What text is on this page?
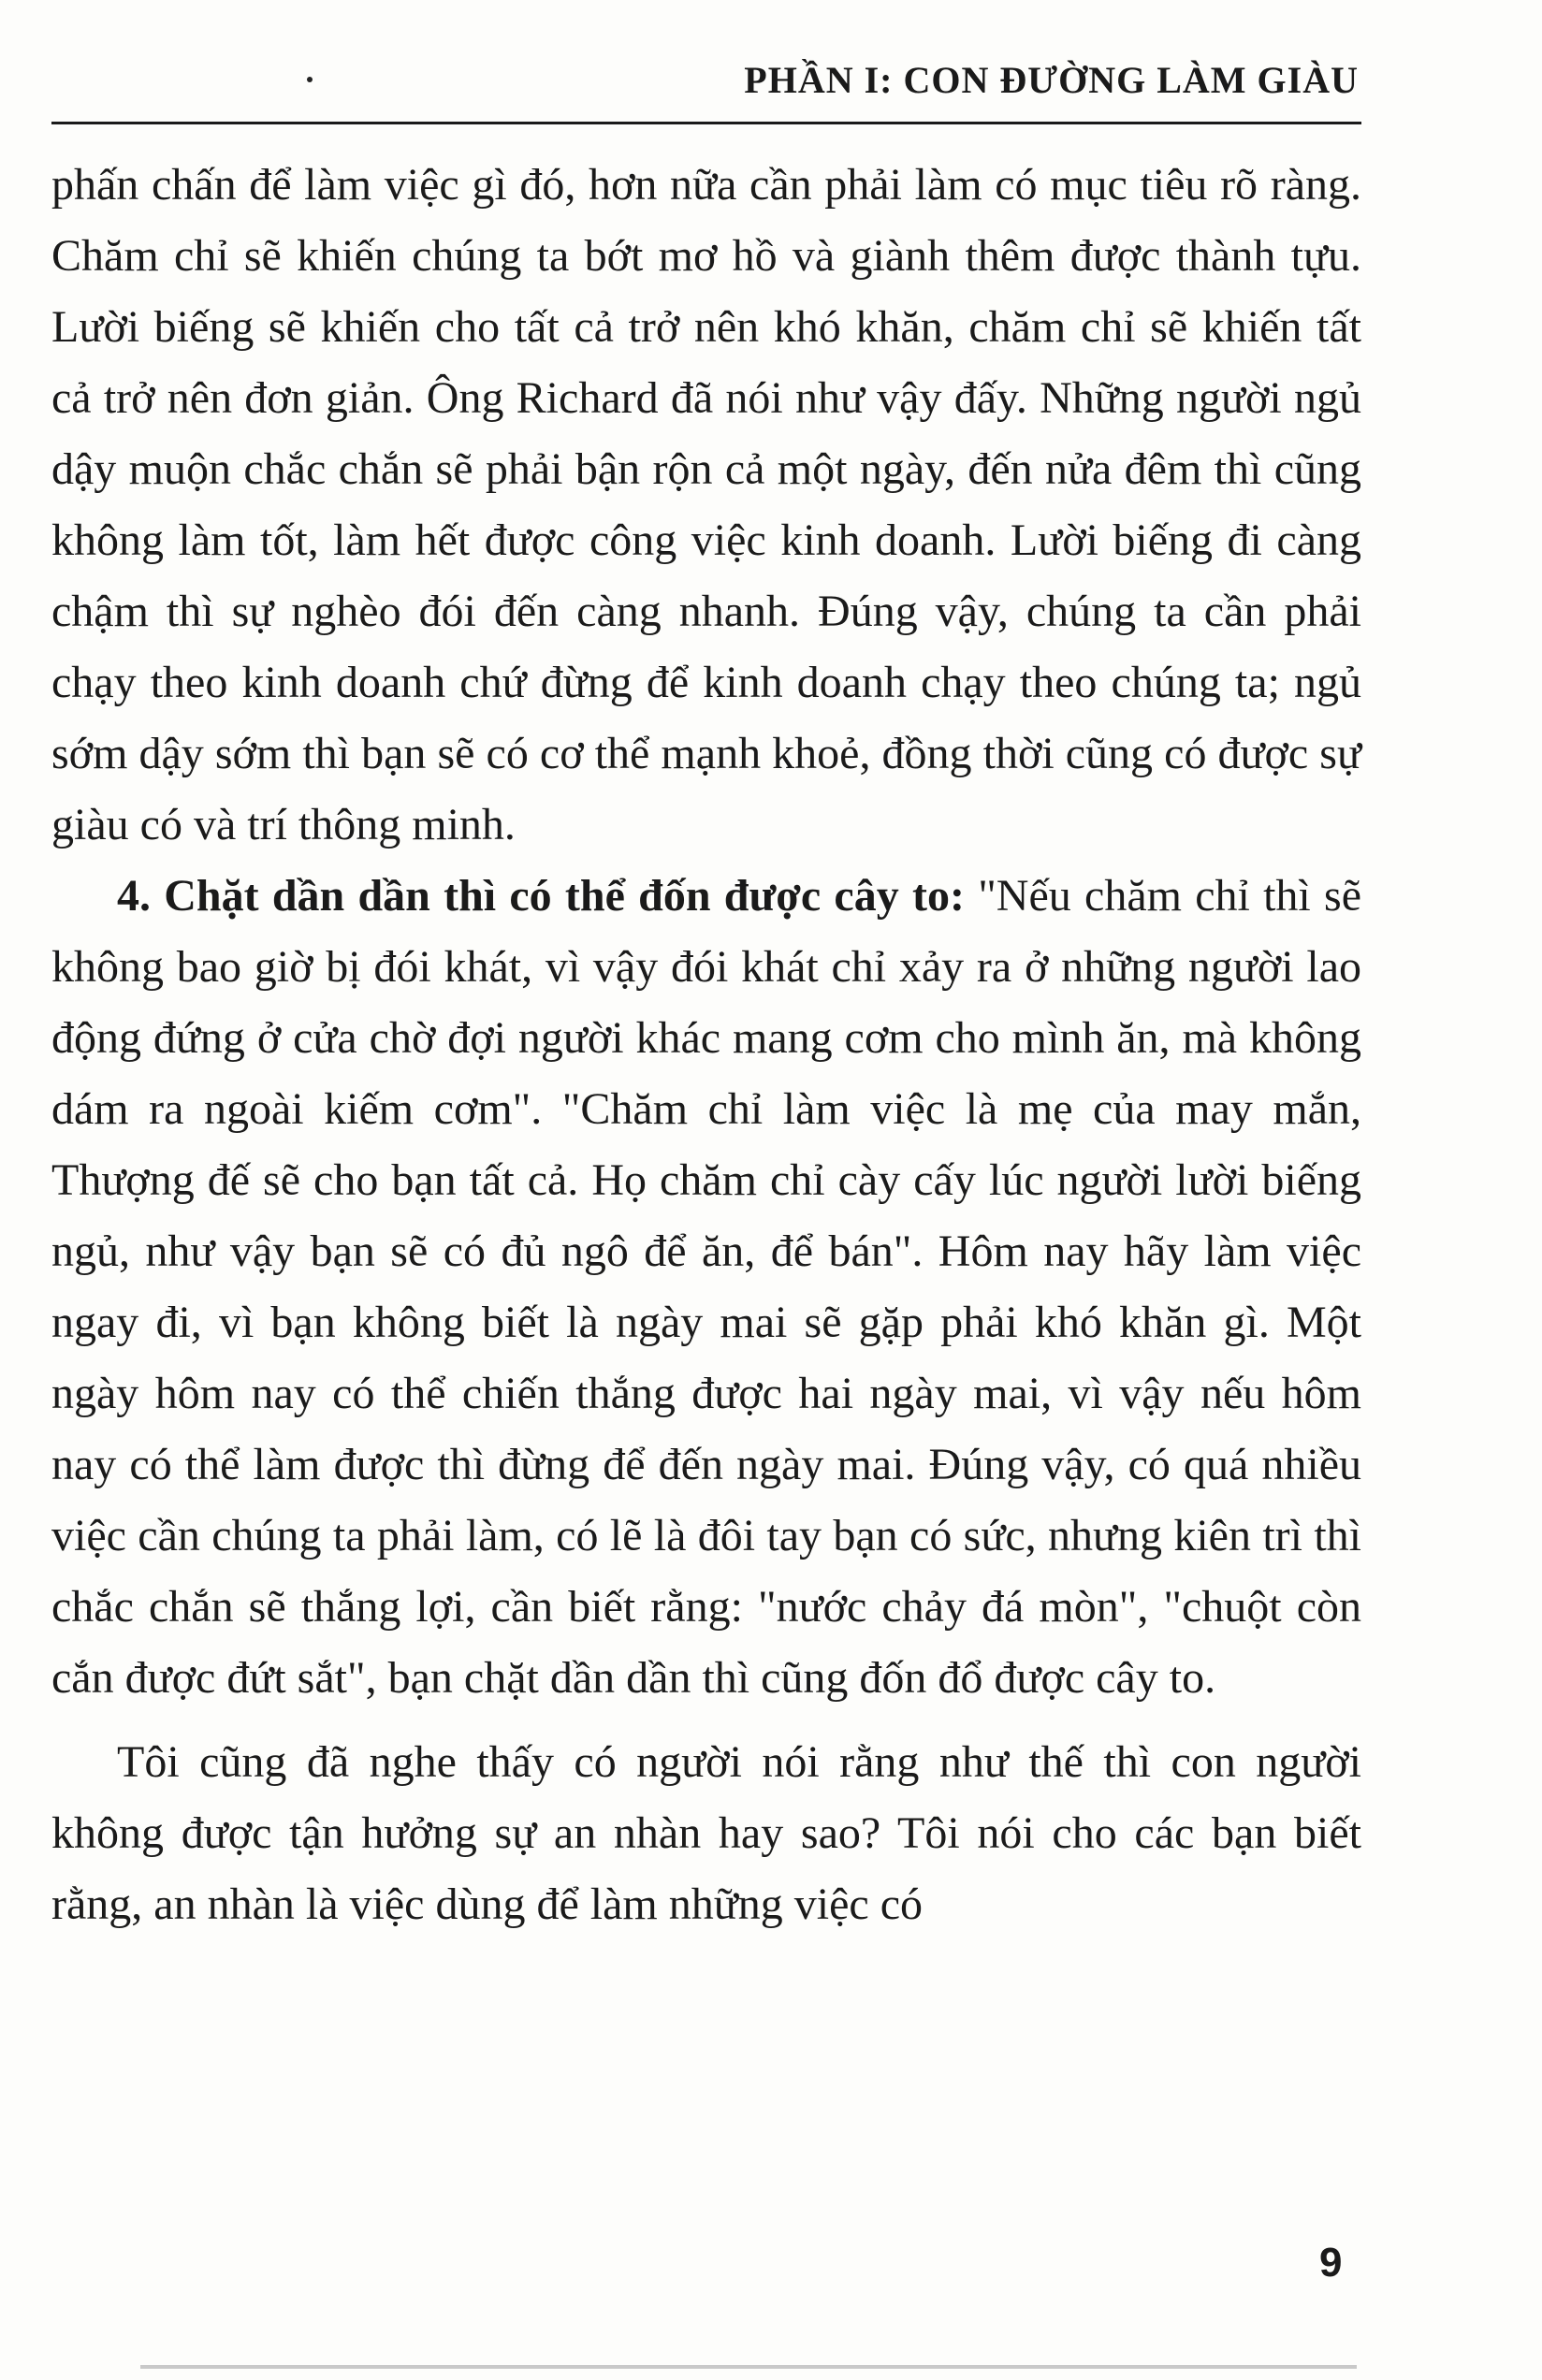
PHẦN I: CON ĐƯỜNG LÀM GIÀU

phấn chấn để làm việc gì đó, hơn nữa cần phải làm có mục tiêu rõ ràng. Chăm chỉ sẽ khiến chúng ta bớt mơ hồ và giành thêm được thành tựu. Lười biếng sẽ khiến cho tất cả trở nên khó khăn, chăm chỉ sẽ khiến tất cả trở nên đơn giản. Ông Richard đã nói như vậy đấy. Những người ngủ dậy muộn chắc chắn sẽ phải bận rộn cả một ngày, đến nửa đêm thì cũng không làm tốt, làm hết được công việc kinh doanh. Lười biếng đi càng chậm thì sự nghèo đói đến càng nhanh. Đúng vậy, chúng ta cần phải chạy theo kinh doanh chứ đừng để kinh doanh chạy theo chúng ta; ngủ sớm dậy sớm thì bạn sẽ có cơ thể mạnh khoẻ, đồng thời cũng có được sự giàu có và trí thông minh.

4. Chặt dần dần thì có thể đốn được cây to: "Nếu chăm chỉ thì sẽ không bao giờ bị đói khát, vì vậy đói khát chỉ xảy ra ở những người lao động đứng ở cửa chờ đợi người khác mang cơm cho mình ăn, mà không dám ra ngoài kiếm cơm". "Chăm chỉ làm việc là mẹ của may mắn, Thượng đế sẽ cho bạn tất cả. Họ chăm chỉ cày cấy lúc người lười biếng ngủ, như vậy bạn sẽ có đủ ngô để ăn, để bán". Hôm nay hãy làm việc ngay đi, vì bạn không biết là ngày mai sẽ gặp phải khó khăn gì. Một ngày hôm nay có thể chiến thắng được hai ngày mai, vì vậy nếu hôm nay có thể làm được thì đừng để đến ngày mai. Đúng vậy, có quá nhiều việc cần chúng ta phải làm, có lẽ là đôi tay bạn có sức, nhưng kiên trì thì chắc chắn sẽ thắng lợi, cần biết rằng: "nước chảy đá mòn", "chuột còn cắn được đứt sắt", bạn chặt dần dần thì cũng đốn đổ được cây to.

Tôi cũng đã nghe thấy có người nói rằng như thế thì con người không được tận hưởng sự an nhàn hay sao? Tôi nói cho các bạn biết rằng, an nhàn là việc dùng để làm những việc có

9
